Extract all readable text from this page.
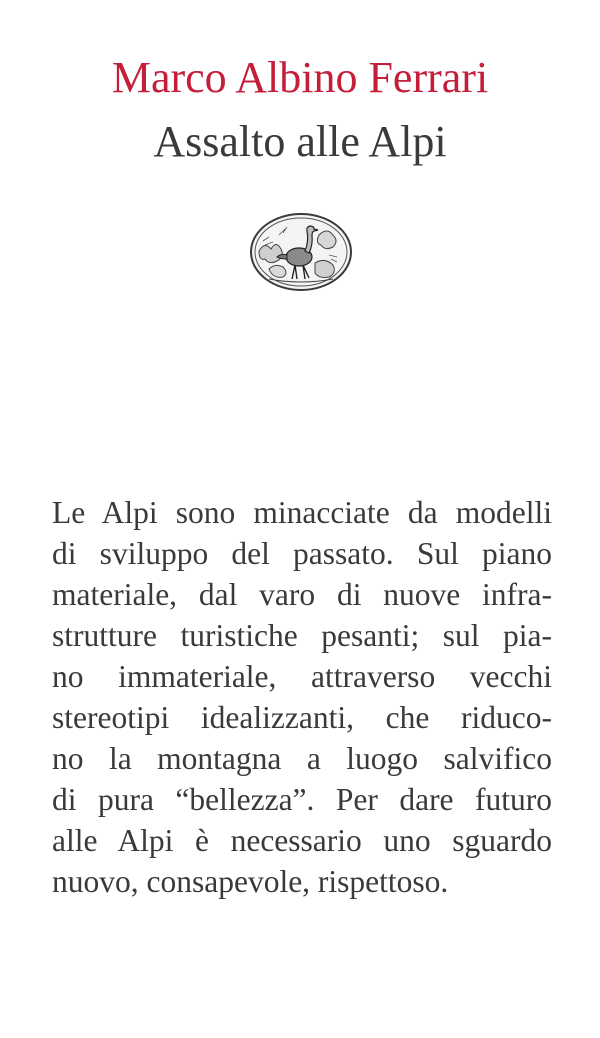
Marco Albino Ferrari
Assalto alle Alpi
Le Alpi sono minacciate da modelli
di sviluppo del passato. Sul piano
materiale, dal varo di nuove infra-
strutture turistiche pesanti; sul pia-
no immateriale, attraverso vecchi
stereotipi idealizzanti, che riduco-
no la montagna a luogo salvifico
di pura “bellezza”. Per dare futuro
alle Alpi è necessario uno sguardo
nuovo, consapevole, rispettoso.
